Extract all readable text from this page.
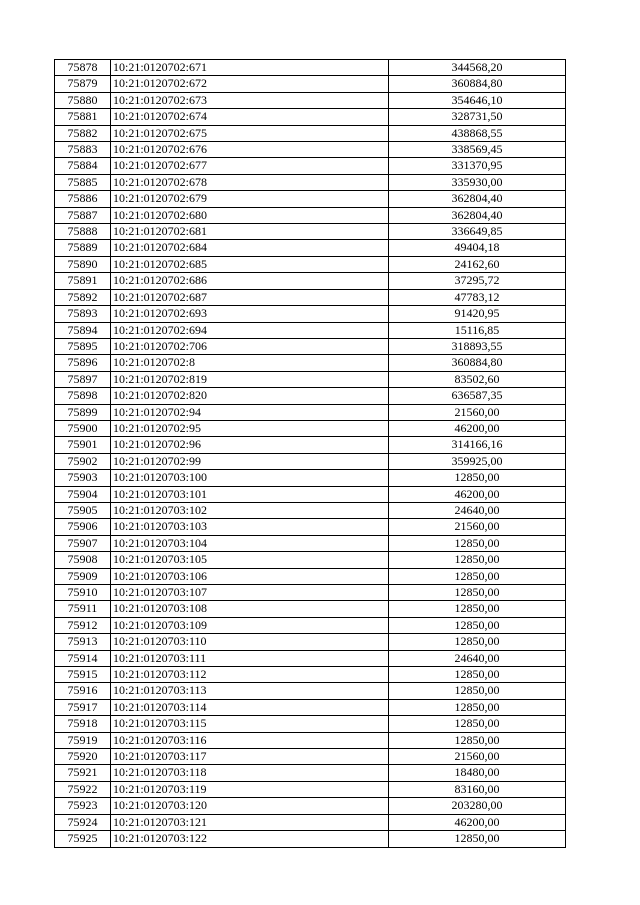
75878	10:21:0120702:671	344568,20
75879	10:21:0120702:672	360884,80
75880	10:21:0120702:673	354646,10
75881	10:21:0120702:674	328731,50
75882	10:21:0120702:675	438868,55
75883	10:21:0120702:676	338569,45
75884	10:21:0120702:677	331370,95
75885	10:21:0120702:678	335930,00
75886	10:21:0120702:679	362804,40
75887	10:21:0120702:680	362804,40
75888	10:21:0120702:681	336649,85
75889	10:21:0120702:684	49404,18
75890	10:21:0120702:685	24162,60
75891	10:21:0120702:686	37295,72
75892	10:21:0120702:687	47783,12
75893	10:21:0120702:693	91420,95
75894	10:21:0120702:694	15116,85
75895	10:21:0120702:706	318893,55
75896	10:21:0120702:8	360884,80
75897	10:21:0120702:819	83502,60
75898	10:21:0120702:820	636587,35
75899	10:21:0120702:94	21560,00
75900	10:21:0120702:95	46200,00
75901	10:21:0120702:96	314166,16
75902	10:21:0120702:99	359925,00
75903	10:21:0120703:100	12850,00
75904	10:21:0120703:101	46200,00
75905	10:21:0120703:102	24640,00
75906	10:21:0120703:103	21560,00
75907	10:21:0120703:104	12850,00
75908	10:21:0120703:105	12850,00
75909	10:21:0120703:106	12850,00
75910	10:21:0120703:107	12850,00
75911	10:21:0120703:108	12850,00
75912	10:21:0120703:109	12850,00
75913	10:21:0120703:110	12850,00
75914	10:21:0120703:111	24640,00
75915	10:21:0120703:112	12850,00
75916	10:21:0120703:113	12850,00
75917	10:21:0120703:114	12850,00
75918	10:21:0120703:115	12850,00
75919	10:21:0120703:116	12850,00
75920	10:21:0120703:117	21560,00
75921	10:21:0120703:118	18480,00
75922	10:21:0120703:119	83160,00
75923	10:21:0120703:120	203280,00
75924	10:21:0120703:121	46200,00
75925	10:21:0120703:122	12850,00
